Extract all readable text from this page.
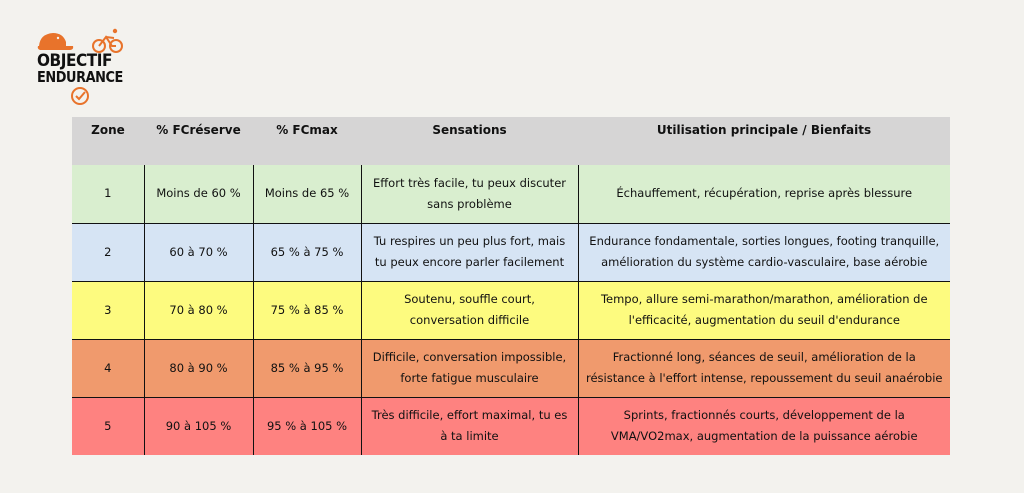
OBJECTIF
ENDURANCE
Zone	% FCréserve	% FCmax	Sensations	Utilisation principale / Bienfaits
1	Moins de 60 %	Moins de 65 %	Effort très facile, tu peux discuter sans problème	Échauffement, récupération, reprise après blessure
2	60 à 70 %	65 % à 75 %	Tu respires un peu plus fort, mais tu peux encore parler facilement	Endurance fondamentale, sorties longues, footing tranquille, amélioration du système cardio-vasculaire, base aérobie
3	70 à 80 %	75 % à 85 %	Soutenu, souffle court, conversation difficile	Tempo, allure semi-marathon/marathon, amélioration de l'efficacité, augmentation du seuil d'endurance
4	80 à 90 %	85 % à 95 %	Difficile, conversation impossible, forte fatigue musculaire	Fractionné long, séances de seuil, amélioration de la résistance à l'effort intense, repoussement du seuil anaérobie
5	90 à 105 %	95 % à 105 %	Très difficile, effort maximal, tu es à ta limite	Sprints, fractionnés courts, développement de la VMA/VO2max, augmentation de la puissance aérobie
